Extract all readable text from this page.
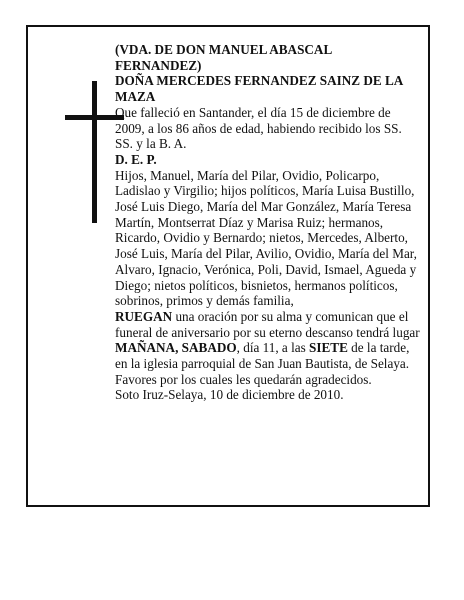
(VDA. DE DON MANUEL ABASCAL FERNANDEZ)

DOÑA MERCEDES FERNANDEZ SAINZ DE LA MAZA

Que falleció en Santander, el día 15 de diciembre de 2009, a los 86 años de edad, habiendo recibido los SS. SS. y la B. A.

D. E. P.

Hijos, Manuel, María del Pilar, Ovidio, Policarpo, Ladislao y Virgilio; hijos políticos, María Luisa Bustillo, José Luis Diego, María del Mar González, María Teresa Martín, Montserrat Díaz y Marisa Ruiz; hermanos, Ricardo, Ovidio y Bernardo; nietos, Mercedes, Alberto, José Luis, María del Pilar, Avilio, Ovidio, María del Mar, Alvaro, Ignacio, Verónica, Poli, David, Ismael, Agueda y Diego; nietos políticos, bisnietos, hermanos políticos, sobrinos, primos y demás familia,

RUEGAN una oración por su alma y comunican que el funeral de aniversario por su eterno descanso tendrá lugar MAÑANA, SABADO, día 11, a las SIETE de la tarde, en la iglesia parroquial de San Juan Bautista, de Selaya. Favores por los cuales les quedarán agradecidos.

Soto Iruz-Selaya, 10 de diciembre de 2010.
